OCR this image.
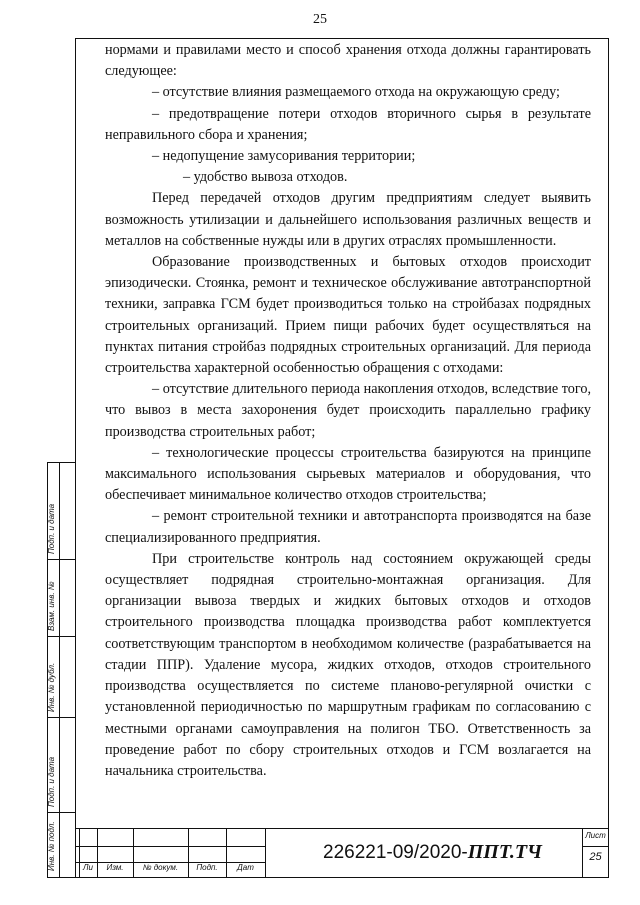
25

нормами и правилами место и способ хранения отхода должны гарантировать следующее:

– отсутствие влияния размещаемого отхода на окружающую среду;

– предотвращение потери отходов вторичного сырья в результате неправильного сбора и хранения;

– недопущение замусоривания территории;

– удобство вывоза отходов.

Перед передачей отходов другим предприятиям следует выявить возможность утилизации и дальнейшего использования различных веществ и металлов на собственные нужды или в других отраслях промышленности.

Образование производственных и бытовых отходов происходит эпизодически. Стоянка, ремонт и техническое обслуживание автотранспортной техники, заправка ГСМ будет производиться только на стройбазах подрядных строительных организаций. Прием пищи рабочих будет осуществляться на пунктах питания стройбаз подрядных строительных организаций. Для периода строительства характерной особенностью обращения с отходами:

– отсутствие длительного периода накопления отходов, вследствие того, что вывоз в места захоронения будет происходить параллельно графику производства строительных работ;

– технологические процессы строительства базируются на принципе максимального использования сырьевых материалов и оборудования, что обеспечивает минимальное количество отходов строительства;

– ремонт строительной техники и автотранспорта производятся на базе специализированного предприятия.

При строительстве контроль над состоянием окружающей среды осуществляет подрядная строительно-монтажная организация. Для организации вывоза твердых и жидких бытовых отходов и отходов строительного производства площадка производства работ комплектуется соответствующим транспортом в необходимом количестве (разрабатывается на стадии ППР). Удаление мусора, жидких отходов, отходов строительного производства осуществляется по системе планово-регулярной очистки с установленной периодичностью по маршрутным графикам по согласованию с местными органами самоуправления на полигон ТБО. Ответственность за проведение работ по сбору строительных отходов и ГСМ возлагается на начальника строительства.

Подп. и дата
Взам. инв. №
Инв. № дубл.
Подп. и дата
Инв. № подл.	Ли	Изм.	№ докум.	Подп.	Дат
226221-09/2020-ППТ.ТЧ
Лист
25
